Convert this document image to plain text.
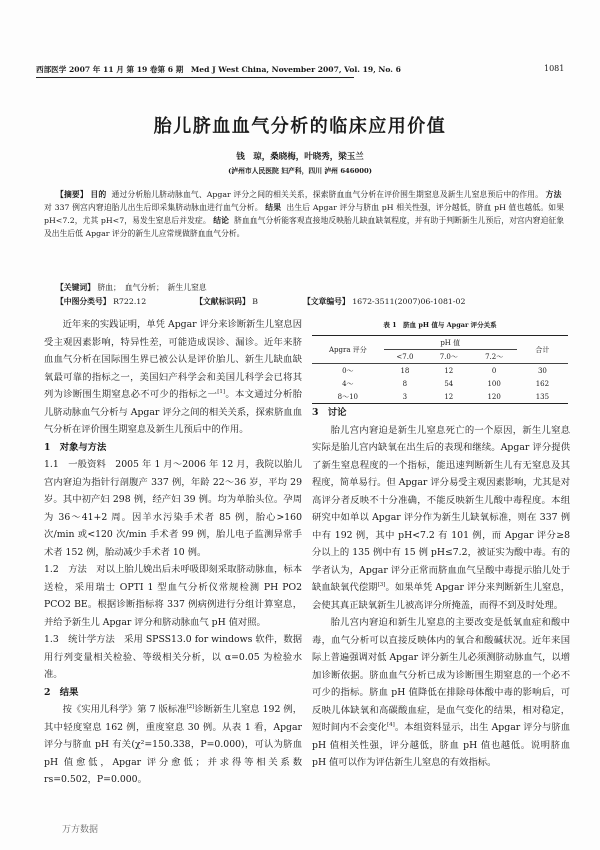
西部医学 2007 年 11 月 第 19 卷第 6 期　Med J West China, November 2007, Vol. 19, No. 6	1081
胎儿脐血血气分析的临床应用价值
钱　琼，桑晓梅，叶晓秀，梁玉兰
(泸州市人民医院 妇产科，四川 泸州 646000)
【摘要】 目的 通过分析胎儿脐动脉血气、Apgar 评分之间的相关关系，探索脐血血气分析在评价围生期窒息及新生儿窒息预后中的作用。 方法  对 337 例宫内窘迫胎儿出生后即采集脐动脉血进行血气分析。 结果 出生后 Apgar 评分与脐血 pH 相关性强，评分越低，脐血 pH 值也越低。如果 pH<7.2，尤其 pH<7，易发生窒息后并发症。 结论 脐血血气分析能客观直接地反映胎儿缺血缺氧程度，并有助于判断新生儿预后，对宫内窘迫征象及出生后低 Apgar 评分的新生儿应常规做脐血血气分析。
【关键词】 脐血；　血气分析；　新生儿窒息
【中图分类号】 R722.12	【文献标识码】 B	【文章编号】 1672-3511(2007)06-1081-02

近年来的实践证明，单凭 Apgar 评分来诊断新生儿窒息因受主观因素影响，特异性差，可能造成误诊、漏诊。近年来脐血血气分析在国际围生界已被公认是评价胎儿、新生儿缺血缺氧最可靠的指标之一，美国妇产科学会和美国儿科学会已将其列为诊断围生期窒息必不可少的指标之一[1]。本文通过分析胎儿脐动脉血气分析与 Apgar 评分之间的相关关系，探索脐血血气分析在评价围生期窒息及新生儿预后中的作用。

1　对象与方法

1.1　一般资料　2005 年 1 月～2006 年 12 月，我院以胎儿宫内窘迫为指针行剖腹产 337 例，年龄 22～36 岁，平均 29 岁。其中初产妇 298 例，经产妇 39 例。均为单胎头位。孕周为 36～41+2 周。因羊水污染手术者 85 例，胎心>160 次/min 或<120 次/min 手术者 99 例，胎儿电子监测异常手术者 152 例，胎动减少手术者 10 例。

1.2　方法　对以上胎儿娩出后未呼吸即刻采取脐动脉血，标本送检，采用瑞士 OPTI 1 型血气分析仪常规检测 PH PO2 PCO2 BE。根据诊断指标将 337 例病例进行分组计算窒息，并给予新生儿 Apgar 评分和脐动脉血气 pH 值对照。

1.3　统计学方法　采用 SPSS13.0 for windows 软件，数据用行列变量相关检验、等级相关分析，以 α=0.05 为检验水准。

2　结果

按《实用儿科学》第 7 版标准[2]诊断新生儿窒息 192 例，其中轻度窒息 162 例，重度窒息 30 例。从表 1 看，Apgar 评分与脐血 pH 有关(χ²=150.338，P=0.000)，可认为脐血 pH 值愈低，Apgar 评分愈低；并求得等相关系数 rs=0.502，P=0.000。

表 1　脐血 pH 值与 Apgar 评分关系
Apgra 评分	pH 值			合计
	<7.0	7.0～	7.2～	
0～	18	12	0	30
4～	8	54	100	162
8～10	3	12	120	135

3　讨论

胎儿宫内窘迫是新生儿窒息死亡的一个原因，新生儿窒息实际是胎儿宫内缺氧在出生后的表现和继续。Apgar 评分提供了新生窒息程度的一个指标，能迅速判断新生儿有无窒息及其程度，简单易行。但 Apgar 评分易受主观因素影响，尤其是对高评分者反映不十分准确，不能反映新生儿酸中毒程度。本组研究中如单以 Apgar 评分作为新生儿缺氧标准，则在 337 例中有 192 例，其中 pH<7.2 有 101 例，而 Apgar 评分≥8 分以上的 135 例中有 15 例 pH≤7.2，被证实为酸中毒。有的学者认为，Apgar 评分正常而脐血血气呈酸中毒提示胎儿处于缺血缺氧代偿期[3]。如果单凭 Apgar 评分来判断新生儿窒息，会使其真正缺氧新生儿被高评分所掩盖，而得不到及时处理。

胎儿宫内窘迫和新生儿窒息的主要改变是低氧血症和酸中毒，血气分析可以直接反映体内的氧合和酸碱状况。近年来国际上普遍强调对低 Apgar 评分新生儿必须测脐动脉血气，以增加诊断依据。脐血血气分析已成为诊断围生期窒息的一个必不可少的指标。脐血 pH 值降低在排除母体酸中毒的影响后，可反映儿体缺氧和高碳酸血症，是血气变化的结果，相对稳定，短时间内不会变化[4]。本组资料显示，出生 Apgar 评分与脐血 pH 值相关性强，评分越低，脐血 pH 值也越低。说明脐血 pH 值可以作为评估新生儿窒息的有效指标。

万方数据
